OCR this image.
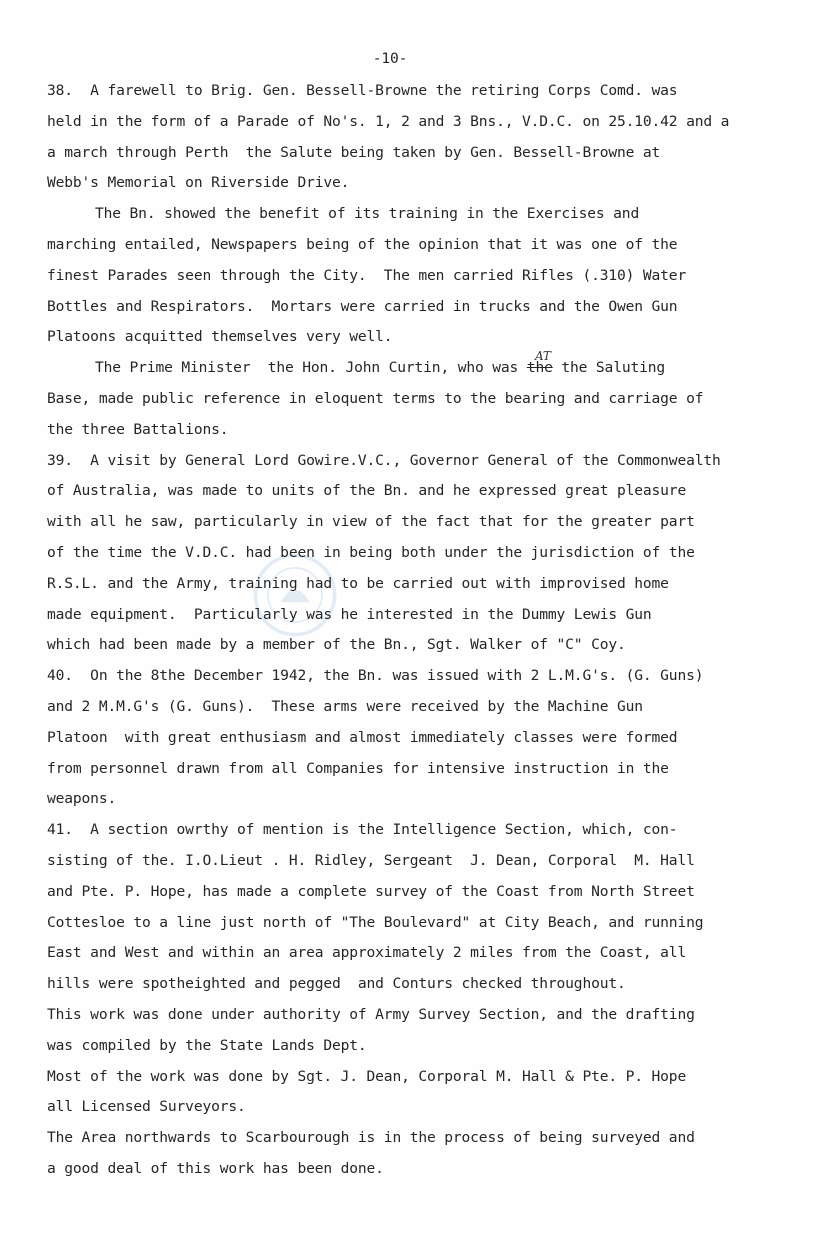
-10-
AT
38.  A farewell to Brig. Gen. Bessell-Browne the retiring Corps Comd. was
held in the form of a Parade of No's. 1, 2 and 3 Bns., V.D.C. on 25.10.42 and a
a march through Perth  the Salute being taken by Gen. Bessell-Browne at
Webb's Memorial on Riverside Drive.
The Bn. showed the benefit of its training in the Exercises and
marching entailed, Newspapers being of the opinion that it was one of the
finest Parades seen through the City.  The men carried Rifles (.310) Water
Bottles and Respirators.  Mortars were carried in trucks and the Owen Gun
Platoons acquitted themselves very well.
The Prime Minister  the Hon. John Curtin, who was the the Saluting
Base, made public reference in eloquent terms to the bearing and carriage of
the three Battalions.
39.  A visit by General Lord Gowire.V.C., Governor General of the Commonwealth
of Australia, was made to units of the Bn. and he expressed great pleasure
with all he saw, particularly in view of the fact that for the greater part
of the time the V.D.C. had been in being both under the jurisdiction of the
R.S.L. and the Army, training had to be carried out with improvised home
made equipment.  Particularly was he interested in the Dummy Lewis Gun
which had been made by a member of the Bn., Sgt. Walker of "C" Coy.
40.  On the 8the December 1942, the Bn. was issued with 2 L.M.G's. (G. Guns)
and 2 M.M.G's (G. Guns).  These arms were received by the Machine Gun
Platoon  with great enthusiasm and almost immediately classes were formed
from personnel drawn from all Companies for intensive instruction in the
weapons.
41.  A section owrthy of mention is the Intelligence Section, which, con-
sisting of the. I.O.Lieut . H. Ridley, Sergeant  J. Dean, Corporal  M. Hall
and Pte. P. Hope, has made a complete survey of the Coast from North Street
Cottesloe to a line just north of "The Boulevard" at City Beach, and running
East and West and within an area approximately 2 miles from the Coast, all
hills were spotheighted and pegged  and Conturs checked throughout.
This work was done under authority of Army Survey Section, and the drafting
was compiled by the State Lands Dept.
Most of the work was done by Sgt. J. Dean, Corporal M. Hall & Pte. P. Hope
all Licensed Surveyors.
The Area northwards to Scarbourough is in the process of being surveyed and
a good deal of this work has been done.
